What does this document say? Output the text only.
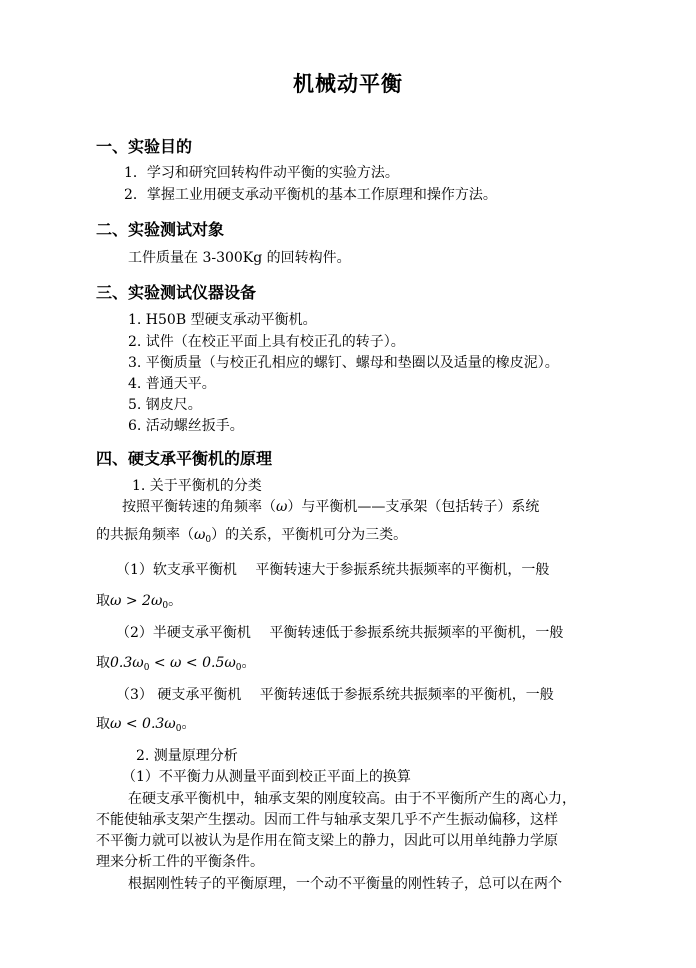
机械动平衡
一、实验目的
1．学习和研究回转构件动平衡的实验方法。
2．掌握工业用硬支承动平衡机的基本工作原理和操作方法。
二、实验测试对象
工件质量在 3-300Kg 的回转构件。
三、实验测试仪器设备
1. H50B 型硬支承动平衡机。
2. 试件（在校正平面上具有校正孔的转子）。
3. 平衡质量（与校正孔相应的螺钉、螺母和垫圈以及适量的橡皮泥）。
4. 普通天平。
5. 钢皮尺。
6. 活动螺丝扳手。
四、硬支承平衡机的原理
1. 关于平衡机的分类
按照平衡转速的角频率（ω）与平衡机——支承架（包括转子）系统
的共振角频率$(\omega_0)$的关系，平衡机可分为三类。
（1）软支承平衡机 　平衡转速大于参振系统共振频率的平衡机，一般
取$\omega > 2\omega_0$。
（2）半硬支承平衡机 　平衡转速低于参振系统共振频率的平衡机，一般
取$0.3\omega_0 < \omega < 0.5\omega_0$。
（3） 硬支承平衡机 　平衡转速低于参振系统共振频率的平衡机，一般
取$\omega < 0.3\omega_0$。
2. 测量原理分析
（1）不平衡力从测量平面到校正平面上的换算
在硬支承平衡机中，轴承支架的刚度较高。由于不平衡所产生的离心力，
不能使轴承支架产生摆动。因而工件与轴承支架几乎不产生振动偏移，这样
不平衡力就可以被认为是作用在简支梁上的静力，因此可以用单纯静力学原
理来分析工件的平衡条件。
根据刚性转子的平衡原理，一个动不平衡量的刚性转子，总可以在两个
